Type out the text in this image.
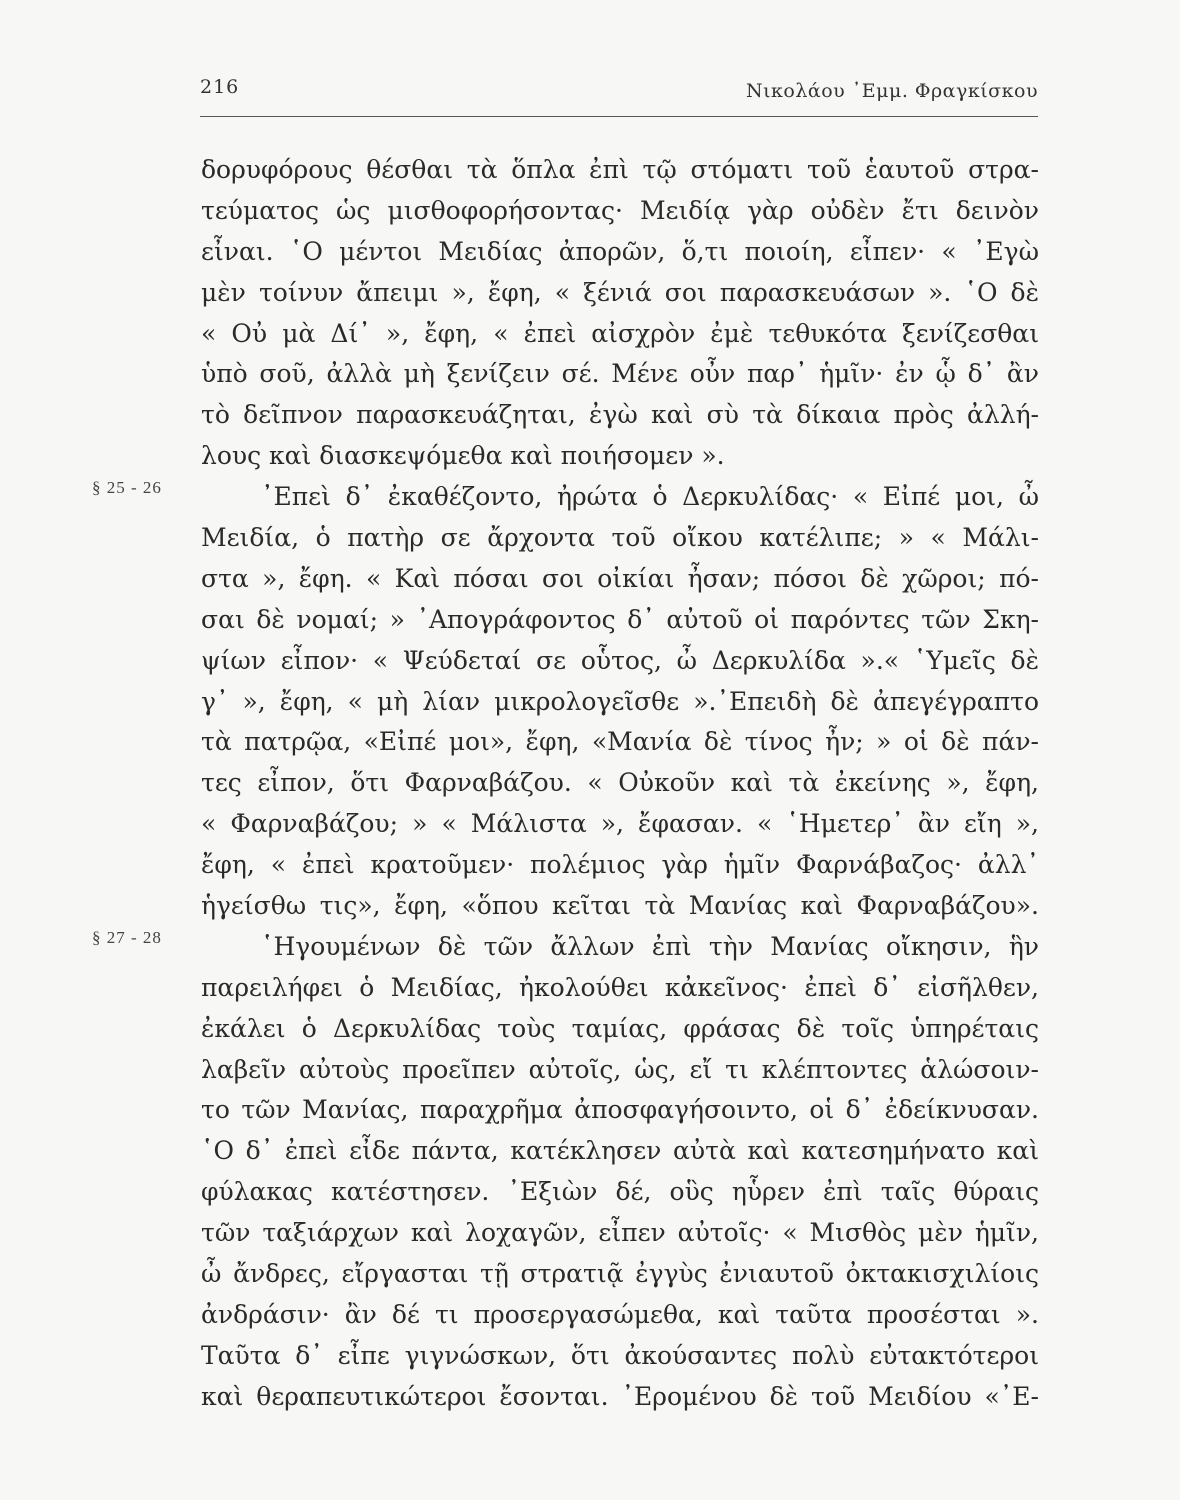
216	Νικολάου ᾿Εμμ. Φραγκίσκου
§ 25 - 26
§ 27 - 28
δορυφόρους θέσθαι τὰ ὅπλα ἐπὶ τῷ στόματι τοῦ ἑαυτοῦ στρα-
τεύματος ὡς μισθοφορήσοντας· Μειδίᾳ γὰρ οὐδὲν ἔτι δεινὸν
εἶναι. ῾Ο μέντοι Μειδίας ἀπορῶν, ὅ,τι ποιοίη, εἶπεν· « ᾿Εγὼ
μὲν τοίνυν ἄπειμι », ἔφη, « ξένιά σοι παρασκευάσων ». ῾Ο δὲ
« Οὐ μὰ Δί᾽ », ἔφη, « ἐπεὶ αἰσχρὸν ἐμὲ τεθυκότα ξενίζεσθαι
ὑπὸ σοῦ, ἀλλὰ μὴ ξενίζειν σέ. Μένε οὖν παρ᾽ ἡμῖν· ἐν ᾧ δ᾽ ἂν
τὸ δεῖπνον παρασκευάζηται, ἐγὼ καὶ σὺ τὰ δίκαια πρὸς ἀλλή-
λους καὶ διασκεψόμεθα καὶ ποιήσομεν ».
᾿Επεὶ δ᾽ ἐκαθέζοντο, ἠρώτα ὁ Δερκυλίδας· « Εἰπέ μοι, ὦ
Μειδία, ὁ πατὴρ σε ἄρχοντα τοῦ οἴκου κατέλιπε; » « Μάλι-
στα », ἔφη. « Καὶ πόσαι σοι οἰκίαι ἦσαν; πόσοι δὲ χῶροι; πό-
σαι δὲ νομαί; » ᾿Απογράφοντος δ᾽ αὐτοῦ οἱ παρόντες τῶν Σκη-
ψίων εἶπον· « Ψεύδεταί σε οὗτος, ὦ Δερκυλίδα ».« ῾Υμεῖς δὲ
γ᾽ », ἔφη, « μὴ λίαν μικρολογεῖσθε ».᾿Επειδὴ δὲ ἀπεγέγραπτο
τὰ πατρῷα, «Εἰπέ μοι», ἔφη, «Μανία δὲ τίνος ἦν; » οἱ δὲ πάν-
τες εἶπον, ὅτι Φαρναβάζου. « Οὐκοῦν καὶ τὰ ἐκείνης », ἔφη,
« Φαρναβάζου; » « Μάλιστα », ἔφασαν. « ῾Ημετερ᾽ ἂν εἴη »,
ἔφη, « ἐπεὶ κρατοῦμεν· πολέμιος γὰρ ἡμῖν Φαρνάβαζος· ἀλλ᾽
ἡγείσθω τις», ἔφη, «ὅπου κεῖται τὰ Μανίας καὶ Φαρναβάζου».
῾Ηγουμένων δὲ τῶν ἄλλων ἐπὶ τὴν Μανίας οἴκησιν, ἣν
παρειλήφει ὁ Μειδίας, ἠκολούθει κἀκεῖνος· ἐπεὶ δ᾽ εἰσῆλθεν,
ἐκάλει ὁ Δερκυλίδας τοὺς ταμίας, φράσας δὲ τοῖς ὑπηρέταις
λαβεῖν αὐτοὺς προεῖπεν αὐτοῖς, ὡς, εἴ τι κλέπτοντες ἁλώσοιν-
το τῶν Μανίας, παραχρῆμα ἀποσφαγήσοιντο, οἱ δ᾽ ἐδείκνυσαν.
῾Ο δ᾽ ἐπεὶ εἶδε πάντα, κατέκλησεν αὐτὰ καὶ κατεσημήνατο καὶ
φύλακας κατέστησεν. ᾿Εξιὼν δέ, οὓς ηὗρεν ἐπὶ ταῖς θύραις
τῶν ταξιάρχων καὶ λοχαγῶν, εἶπεν αὐτοῖς· « Μισθὸς μὲν ἡμῖν,
ὦ ἄνδρες, εἴργασται τῇ στρατιᾷ ἐγγὺς ἐνιαυτοῦ ὀκτακισχιλίοις
ἀνδράσιν· ἂν δέ τι προσεργασώμεθα, καὶ ταῦτα προσέσται ».
Ταῦτα δ᾽ εἶπε γιγνώσκων, ὅτι ἀκούσαντες πολὺ εὐτακτότεροι
καὶ θεραπευτικώτεροι ἔσονται. ᾿Ερομένου δὲ τοῦ Μειδίου «᾿Ε-
